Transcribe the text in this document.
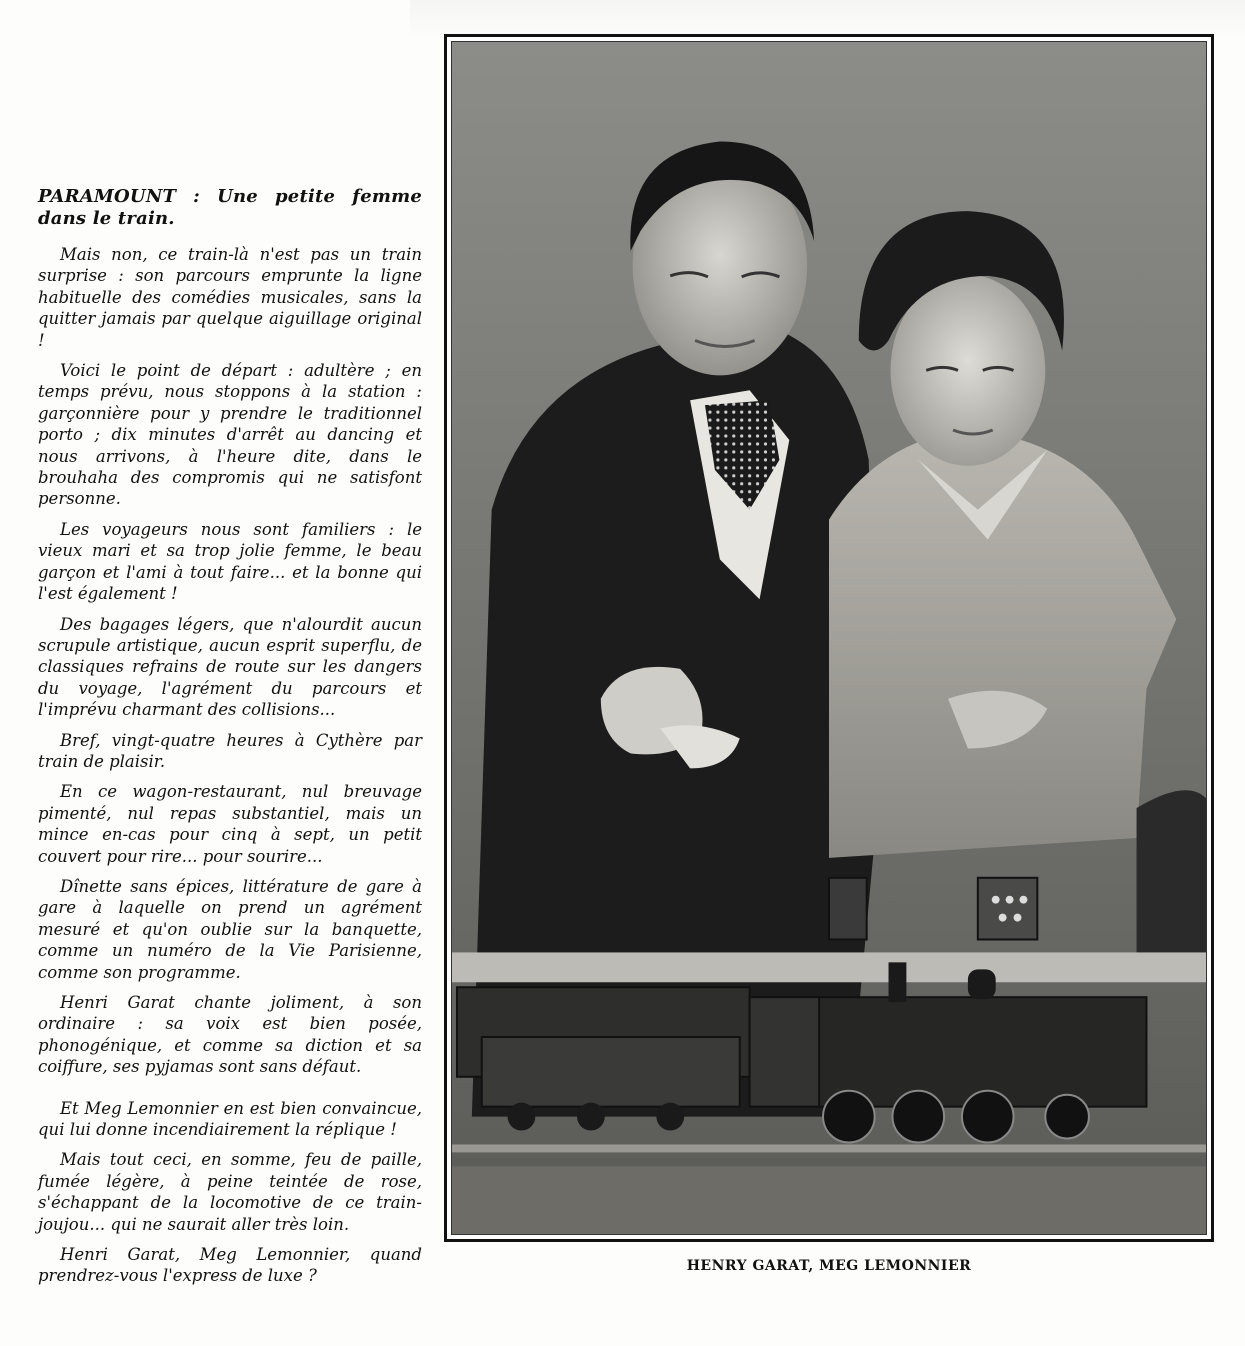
PARAMOUNT : Une petite femme dans le train.

Mais non, ce train-là n'est pas un train surprise : son parcours emprunte la ligne habituelle des comédies musicales, sans la quitter jamais par quelque aiguillage original !

Voici le point de départ : adultère ; en temps prévu, nous stoppons à la station : garçonnière pour y prendre le traditionnel porto ; dix minutes d'arrêt au dancing et nous arrivons, à l'heure dite, dans le brouhaha des compromis qui ne satisfont personne.

Les voyageurs nous sont familiers : le vieux mari et sa trop jolie femme, le beau garçon et l'ami à tout faire... et la bonne qui l'est également !

Des bagages légers, que n'alourdit aucun scrupule artistique, aucun esprit superflu, de classiques refrains de route sur les dangers du voyage, l'agrément du parcours et l'imprévu charmant des collisions...

Bref, vingt-quatre heures à Cythère par train de plaisir.

En ce wagon-restaurant, nul breuvage pimenté, nul repas substantiel, mais un mince en-cas pour cinq à sept, un petit couvert pour rire... pour sourire...

Dînette sans épices, littérature de gare à gare à laquelle on prend un agrément mesuré et qu'on oublie sur la banquette, comme un numéro de la Vie Parisienne, comme son programme.

Henri Garat chante joliment, à son ordinaire : sa voix est bien posée, phonogénique, et comme sa diction et sa coiffure, ses pyjamas sont sans défaut.

Et Meg Lemonnier en est bien convaincue, qui lui donne incendiairement la réplique !

Mais tout ceci, en somme, feu de paille, fumée légère, à peine teintée de rose, s'échappant de la locomotive de ce train-joujou... qui ne saurait aller très loin.

Henri Garat, Meg Lemonnier, quand prendrez-vous l'express de luxe ?

HENRY GARAT, MEG LEMONNIER
